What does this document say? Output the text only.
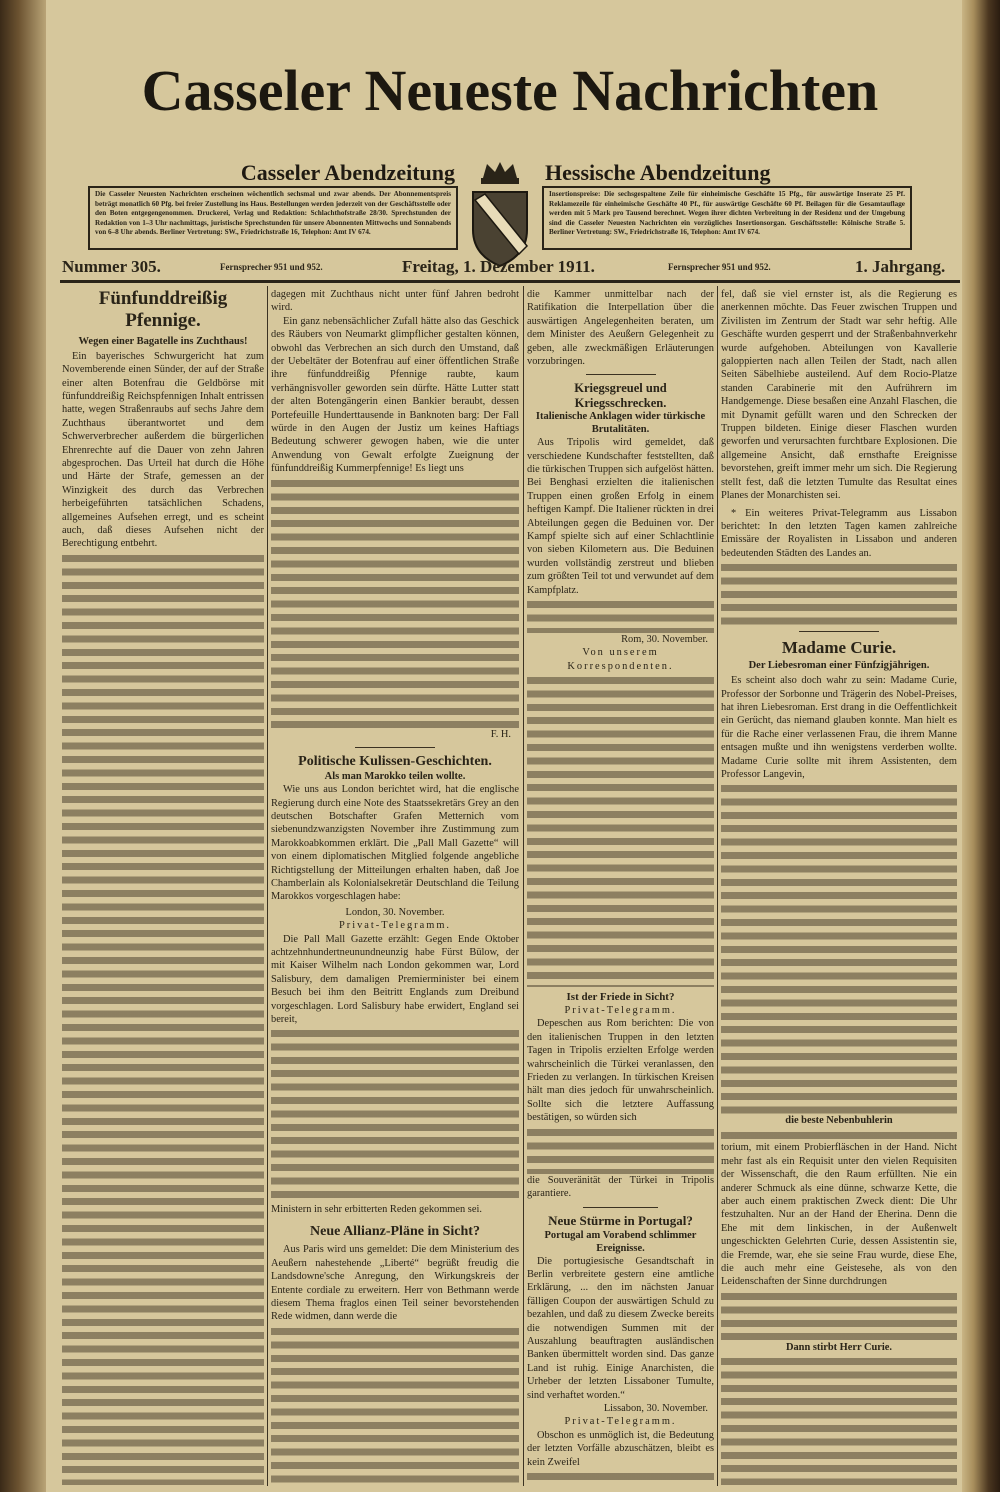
Casseler Neueste Nachrichten
Casseler Abendzeitung	Hessische Abendzeitung
Die Casseler Neuesten Nachrichten erscheinen wöchentlich sechsmal und zwar abends. Der Abonnementspreis beträgt monatlich 60 Pfg. bei freier Zustellung ins Haus. Bestellungen werden jederzeit von der Geschäftsstelle oder den Boten entgegengenommen. Druckerei, Verlag und Redaktion: Schlachthofstraße 28/30. Sprechstunden der Redaktion von 1–3 Uhr nachmittags, juristische Sprechstunden für unsere Abonnenten Mittwochs und Sonnabends von 6–8 Uhr abends. Berliner Vertretung: SW., Friedrichstraße 16, Telephon: Amt IV 674.
Insertionspreise: Die sechsgespaltene Zeile für einheimische Geschäfte 15 Pfg., für auswärtige Inserate 25 Pf. Reklamezeile für einheimische Geschäfte 40 Pf., für auswärtige Geschäfte 60 Pf. Beilagen für die Gesamtauflage werden mit 5 Mark pro Tausend berechnet. Wegen ihrer dichten Verbreitung in der Residenz und der Umgebung sind die Casseler Neuesten Nachrichten ein vorzügliches Insertionsorgan. Geschäftsstelle: Kölnische Straße 5. Berliner Vertretung: SW., Friedrichstraße 16, Telephon: Amt IV 674.
Nummer 305.	Fernsprecher 951 und 952.	Freitag, 1. Dezember 1911.	Fernsprecher 951 und 952.	1. Jahrgang.
Fünfunddreißig Pfennige.
Wegen einer Bagatelle ins Zuchthaus!
Ein bayerisches Schwurgericht hat zum Novemberende einen Sünder, der auf der Straße einer alten Botenfrau die Geldbörse mit fünfunddreißig Reichspfennigen Inhalt entrissen hatte, wegen Straßenraubs auf sechs Jahre dem Zuchthaus überantwortet und dem Schwerverbrecher außerdem die bürgerlichen Ehrenrechte auf die Dauer von zehn Jahren abgesprochen. Das Urteil hat durch die Höhe und Härte der Strafe, gemessen an der Winzigkeit des durch das Verbrechen herbeigeführten tatsächlichen Schadens, allgemeines Aufsehen erregt, und es scheint auch, daß dieses Aufsehen nicht der Berechtigung entbehrt.
dagegen mit Zuchthaus nicht unter fünf Jahren bedroht wird.
Ein ganz nebensächlicher Zufall hätte also das Geschick des Räubers von Neumarkt glimpflicher gestalten können, obwohl das Verbrechen an sich durch den Umstand, daß der Uebeltäter der Botenfrau auf einer öffentlichen Straße ihre fünfunddreißig Pfennige raubte, kaum verhängnisvoller geworden sein dürfte. Hätte Lutter statt der alten Botengängerin einen Bankier beraubt, dessen Portefeuille Hunderttausende in Banknoten barg: Der Fall würde in den Augen der Justiz um keines Haftiags Bedeutung schwerer gewogen haben, wie die unter Anwendung von Gewalt erfolgte Zueignung der fünfunddreißig Kummerpfennige! Es liegt uns
F. H.
Politische Kulissen-Geschichten.
Als man Marokko teilen wollte.
Wie uns aus London berichtet wird, hat die englische Regierung durch eine Note des Staatssekretärs Grey an den deutschen Botschafter Grafen Metternich vom siebenundzwanzigsten November ihre Zustimmung zum Marokkoabkommen erklärt. Die „Pall Mall Gazette“ will von einem diplomatischen Mitglied folgende angebliche Richtigstellung der Mitteilungen erhalten haben, daß Joe Chamberlain als Kolonialsekretär Deutschland die Teilung Marokkos vorgeschlagen habe:
London, 30. November.
Privat-Telegramm.
Die Pall Mall Gazette erzählt: Gegen Ende Oktober achtzehnhundertneunundneunzig habe Fürst Bülow, der mit Kaiser Wilhelm nach London gekommen war, Lord Salisbury, dem damaligen Premierminister bei einem Besuch bei ihm den Beitritt Englands zum Dreibund vorgeschlagen. Lord Salisbury habe erwidert, England sei bereit,
Ministern in sehr erbitterten Reden gekommen sei.
Neue Allianz-Pläne in Sicht?
Aus Paris wird uns gemeldet: Die dem Ministerium des Aeußern nahestehende „Liberté“ begrüßt freudig die Landsdowne'sche Anregung, den Wirkungskreis der Entente cordiale zu erweitern. Herr von Bethmann werde diesem Thema fraglos einen Teil seiner bevorstehenden Rede widmen, dann werde die
die Kammer unmittelbar nach der Ratifikation die Interpellation über die auswärtigen Angelegenheiten beraten, um dem Minister des Aeußern Gelegenheit zu geben, alle zweckmäßigen Erläuterungen vorzubringen.
Kriegsgreuel und Kriegsschrecken.
Italienische Anklagen wider türkische Brutalitäten.
Aus Tripolis wird gemeldet, daß verschiedene Kundschafter feststellten, daß die türkischen Truppen sich aufgelöst hätten. Bei Benghasi erzielten die italienischen Truppen einen großen Erfolg in einem heftigen Kampf. Die Italiener rückten in drei Abteilungen gegen die Beduinen vor. Der Kampf spielte sich auf einer Schlachtlinie von sieben Kilometern aus. Die Beduinen wurden vollständig zerstreut und blieben zum größten Teil tot und verwundet auf dem Kampfplatz.
Rom, 30. November.
Von unserem Korrespondenten.
Ist der Friede in Sicht?
Privat-Telegramm.
Depeschen aus Rom berichten: Die von den italienischen Truppen in den letzten Tagen in Tripolis erzielten Erfolge werden wahrscheinlich die Türkei veranlassen, den Frieden zu verlangen. In türkischen Kreisen hält man dies jedoch für unwahrscheinlich. Sollte sich die letztere Auffassung bestätigen, so würden sich
die Souveränität der Türkei in Tripolis garantiere.
Neue Stürme in Portugal?
Portugal am Vorabend schlimmer Ereignisse.
Die portugiesische Gesandtschaft in Berlin verbreitete gestern eine amtliche Erklärung, ... den im nächsten Januar fälligen Coupon der auswärtigen Schuld zu bezahlen, und daß zu diesem Zwecke bereits die notwendigen Summen mit der Auszahlung beauftragten ausländischen Banken übermittelt worden sind. Das ganze Land ist ruhig. Einige Anarchisten, die Urheber der letzten Lissaboner Tumulte, sind verhaftet worden.“
Lissabon, 30. November.
Privat-Telegramm.
Obschon es unmöglich ist, die Bedeutung der letzten Vorfälle abzuschätzen, bleibt es kein Zweifel
fel, daß sie viel ernster ist, als die Regierung es anerkennen möchte. Das Feuer zwischen Truppen und Zivilisten im Zentrum der Stadt war sehr heftig. Alle Geschäfte wurden gesperrt und der Straßenbahnverkehr wurde aufgehoben. Abteilungen von Kavallerie galoppierten nach allen Teilen der Stadt, nach allen Seiten Säbelhiebe austeilend. Auf dem Rocio-Platze standen Carabinerie mit den Aufrührern im Handgemenge. Diese besaßen eine Anzahl Flaschen, die mit Dynamit gefüllt waren und den Schrecken der Truppen bildeten. Einige dieser Flaschen wurden geworfen und verursachten furchtbare Explosionen. Die allgemeine Ansicht, daß ernsthafte Ereignisse bevorstehen, greift immer mehr um sich. Die Regierung stellt fest, daß die letzten Tumulte das Resultat eines Planes der Monarchisten sei.
* Ein weiteres Privat-Telegramm aus Lissabon berichtet: In den letzten Tagen kamen zahlreiche Emissäre der Royalisten in Lissabon und anderen bedeutenden Städten des Landes an.
Madame Curie.
Der Liebesroman einer Fünfzigjährigen.
Es scheint also doch wahr zu sein: Madame Curie, Professor der Sorbonne und Trägerin des Nobel-Preises, hat ihren Liebesroman. Erst drang in die Oeffentlichkeit ein Gerücht, das niemand glauben konnte. Man hielt es für die Rache einer verlassenen Frau, die ihrem Manne entsagen mußte und ihn wenigstens verderben wollte. Madame Curie sollte mit ihrem Assistenten, dem Professor Langevin,
die beste Nebenbuhlerin
torium, mit einem Probierfläschen in der Hand. Nicht mehr fast als ein Requisit unter den vielen Requisiten der Wissenschaft, die den Raum erfüllten. Nie ein anderer Schmuck als eine dünne, schwarze Kette, die aber auch einem praktischen Zweck dient: Die Uhr festzuhalten. Nur an der Hand der Eherina. Denn die Ehe mit dem linkischen, in der Außenwelt ungeschickten Gelehrten Curie, dessen Assistentin sie, die Fremde, war, ehe sie seine Frau wurde, diese Ehe, die auch mehr eine Geistesehe, als von den Leidenschaften der Sinne durchdrungen
Dann stirbt Herr Curie.
